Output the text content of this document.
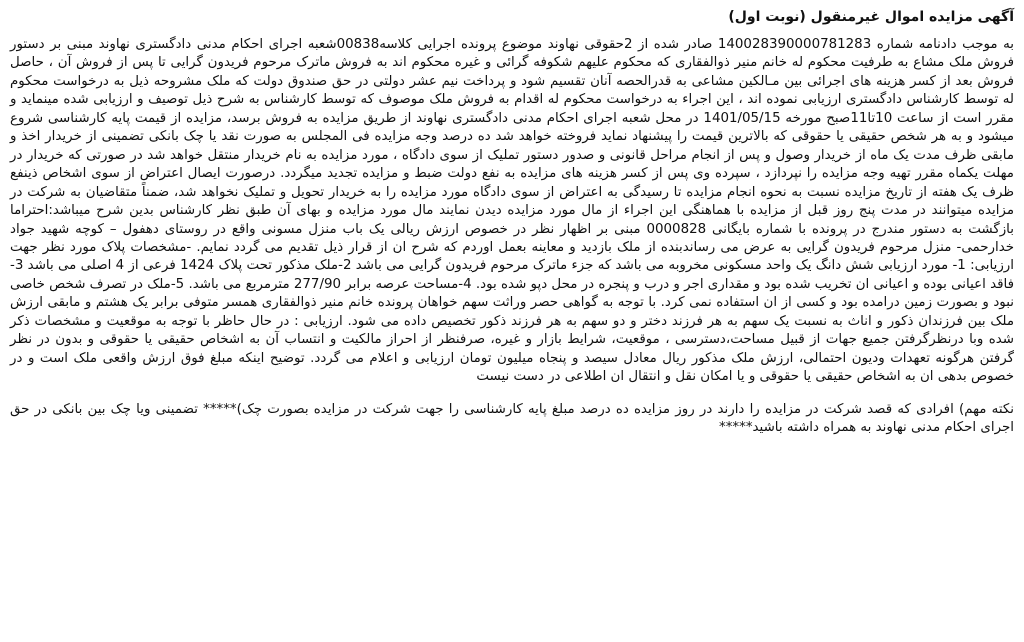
آگهی مزایده اموال غیرمنقول (نوبت اول)

به موجب دادنامه شماره 140028390000781283 صادر شده از 2حقوقی نهاوند موضوع پرونده اجرایی کلاسه00838شعبه اجرای احکام مدنی دادگستری نهاوند مبنی بر دستور فروش ملک مشاع به طرفیت محکوم له خانم منیر ذوالفقاری که محکوم علیهم شکوفه گرائی و غیره محکوم اند به فروش ماترک مرحوم فریدون گرایی تا پس از فروش آن ، حاصل فروش بعد از کسر هزینه های اجرائی بین مـالکین مشاعی به قدرالحصه آنان تقسیم شود و پرداخت نیم عشر دولتی در حق صندوق دولت که ملک مشروحه ذیل به درخواست محکوم له توسط کارشناس دادگستری ارزیابی نموده اند ، این اجراء به درخواست محکوم له اقدام به فروش ملک موصوف که توسط کارشناس به شرح ذیل توصیف و ارزیابی شده مینماید و مقرر است از ساعت 10تا11صبح مورخه 1401/05/15 در محل شعبه اجرای احکام مدنی دادگستری نهاوند از طریق مزایده به فروش برسد، مزایده از قیمت پایه کارشناسی شروع میشود و به هر شخص حقیقی یا حقوقی که بالاترین قیمت را پیشنهاد نماید فروخته خواهد شد ده درصد وجه مزایده فی المجلس به صورت نقد یا چک بانکی تضمینی از خریدار اخذ و مابقی ظرف مدت یک ماه از خریدار وصول و پس از انجام مراحل قانونی و صدور دستور تملیک از سوی دادگاه ، مورد مزایده به نام خریدار منتقل خواهد شد در صورتی که خریدار در مهلت یکماه مقرر تهیه وجه مزایده را نپردازد ، سپرده وی پس از کسر هزینه های مزایده به نفع دولت ضبط و مزایده تجدید میگردد. درصورت ایصال اعتراض از سوی اشخاص ذینفع ظرف یک هفته از تاریخ مزایده نسبت به نحوه انجام مزایده تا رسیدگی به اعتراض از سوی دادگاه مورد مزایده را به خریدار تحویل و تملیک نخواهد شد، ضمناً متقاضیان به شرکت در مزایده میتوانند در مدت پنج روز قبل از مزایده با هماهنگی این اجراء از مال مورد مزایده دیدن نمایند مال مورد مزایده و بهای آن طبق نظر کارشناس بدین شرح میباشد:احتراما بازگشت به دستور مندرج در پرونده با شماره بایگانی 0000828 مبنی بر اظهار نظر در خصوص ارزش ریالی یک باب منزل مسونی واقع در روستای دهفول – کوچه شهید جواد خدارحمی- منزل مرحوم فریدون گرایی به عرض می رساندبنده از ملک بازدید و معاینه بعمل اوردم که شرح ان از قرار ذیل تقدیم می گردد نمایم. -مشخصات پلاک مورد نظر جهت ارزیابی: 1- مورد ارزیابی شش دانگ یک واحد مسکونی مخروبه می باشد که جزء ماترک مرحوم فریدون گرایی می باشد 2-ملک مذکور تحت پلاک 1424 فرعی از 4 اصلی می باشد 3-فاقد اعیانی بوده و اعیانی ان تخریب شده بود و مقداری اجر و درب و پنجره در محل دپو شده بود. 4-مساحت عرصه برابر 277/90 مترمربع می باشد. 5-ملک در تصرف شخص خاصی نبود و بصورت زمین درامده بود و کسی از ان استفاده نمی کرد. با توجه به گواهی حصر وراثت سهم خواهان پرونده خانم منیر ذوالفقاری همسر متوفی برابر یک هشتم و مابقی ارزش ملک بین فرزندان ذکور و اناث به نسبت یک سهم به هر فرزند دختر و دو سهم به هر فرزند ذکور تخصیص داده می شود. ارزیابی : در حال حاظر با توجه به موقعیت و مشخصات ذکر شده وبا درنظرگرفتن جمیع جهات از قبیل مساحت،دسترسی ، موقعیت، شرایط بازار و غیره، صرفنظر از احراز مالکیت و انتساب آن به اشخاص حقیقی یا حقوقی و بدون در نظر گرفتن هرگونه تعهدات ودیون احتمالی، ارزش ملک مذکور ریال معادل سیصد و پنجاه میلیون تومان ارزیابی و اعلام می گردد. توضیح اینکه مبلغ فوق ارزش واقعی ملک است و در خصوص بدهی ان به اشخاص حقیقی یا حقوقی و یا امکان نقل و انتقال ان اطلاعی در دست نیست

نکته مهم) افرادی که قصد شرکت در مزایده را دارند در روز مزایده ده درصد مبلغ پایه کارشناسی را جهت شرکت در مزایده بصورت چک)***** تضمینی ویا چک بین بانکی در حق اجرای احکام مدنی نهاوند به همراه داشته باشید*****
